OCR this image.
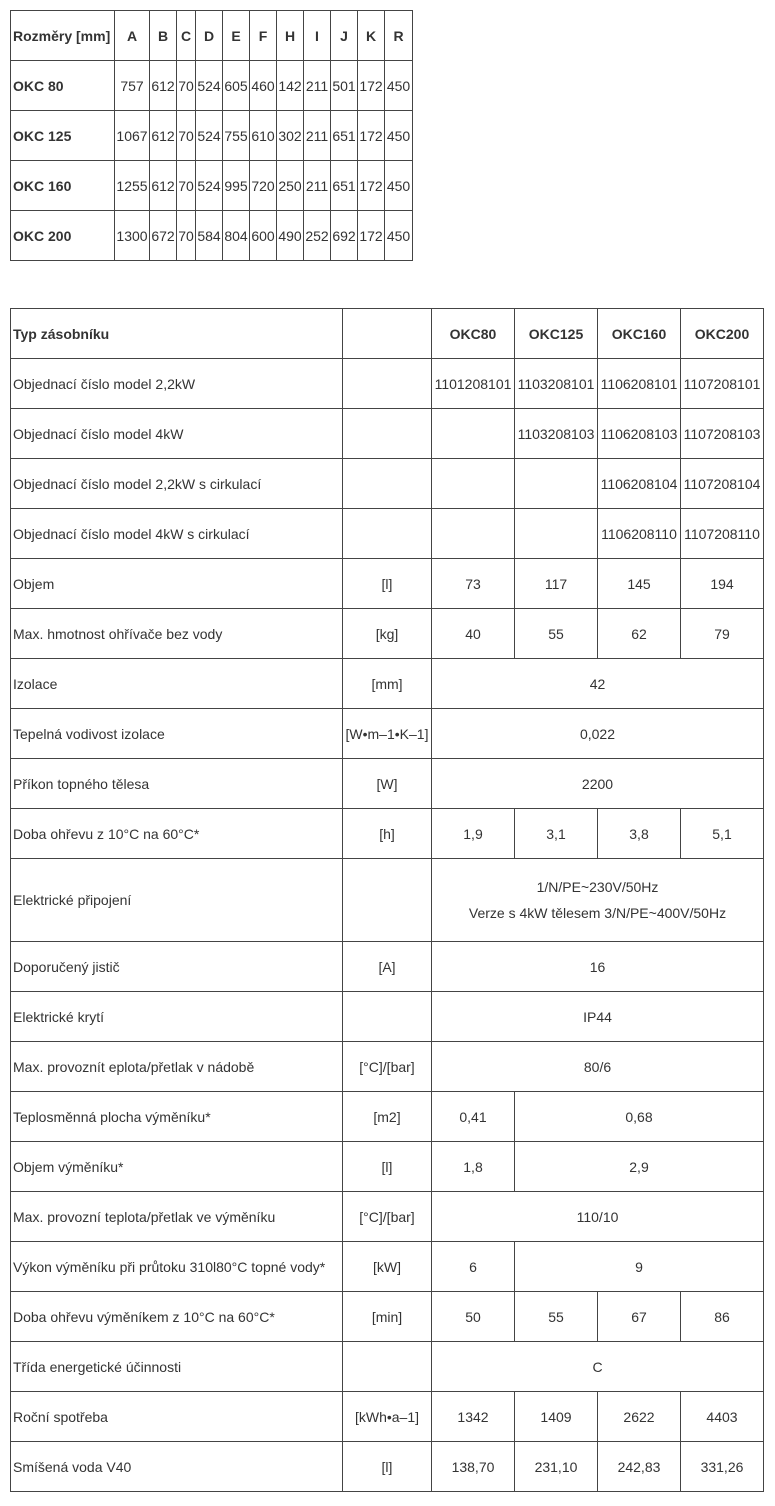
Rozměry [mm]	A	B	C	D	E	F	H	I	J	K	R
OKC 80	757	612	70	524	605	460	142	211	501	172	450
OKC 125	1067	612	70	524	755	610	302	211	651	172	450
OKC 160	1255	612	70	524	995	720	250	211	651	172	450
OKC 200	1300	672	70	584	804	600	490	252	692	172	450
Typ zásobníku		OKC80	OKC125	OKC160	OKC200
Objednací číslo model 2,2kW		1101208101	1103208101	1106208101	1107208101
Objednací číslo model 4kW			1103208103	1106208103	1107208103
Objednací číslo model 2,2kW s cirkulací				1106208104	1107208104
Objednací číslo model 4kW s cirkulací				1106208110	1107208110
Objem	[l]	73	117	145	194
Max. hmotnost ohřívače bez vody	[kg]	40	55	62	79
Izolace	[mm]	42			
Tepelná vodivost izolace	[W•m–1•K–1]	0,022			
Příkon topného tělesa	[W]	2200			
Doba ohřevu z 10°C na 60°C*	[h]	1,9	3,1	3,8	5,1
Elektrické připojení		1/N/PE~230V/50Hz
Verze s 4kW tělesem 3/N/PE~400V/50Hz			

Doporučený jistič	[A]	16			
Elektrické krytí		IP44			
Max. provoznít eplota/přetlak v nádobě	[°C]/[bar]	80/6			
Teplosměnná plocha výměníku*	[m2]	0,41	0,68		
Objem výměníku*	[l]	1,8	2,9		
Max. provozní teplota/přetlak ve výměníku	[°C]/[bar]	110/10			
Výkon výměníku při průtoku 310l80°C topné vody*	[kW]	6	9		
Doba ohřevu výměníkem z 10°C na 60°C*	[min]	50	55	67	86
Třída energetické účinnosti		C			
Roční spotřeba	[kWh•a–1]	1342	1409	2622	4403
Smíšená voda V40	[l]	138,70	231,10	242,83	331,26
